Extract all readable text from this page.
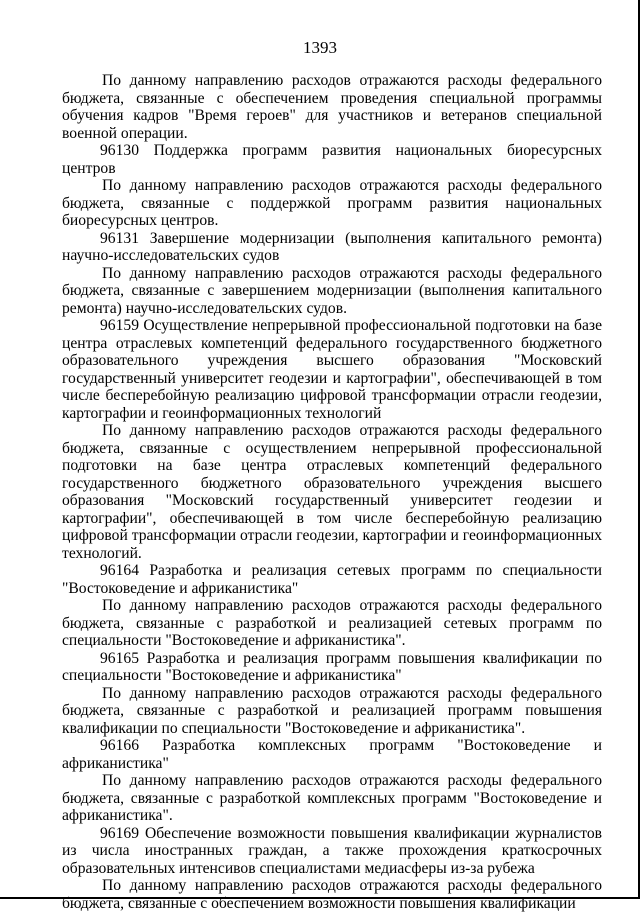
1393

По данному направлению расходов отражаются расходы федерального бюджета, связанные с обеспечением проведения специальной программы обучения кадров "Время героев" для участников и ветеранов специальной военной операции.

96130 Поддержка программ развития национальных биоресурсных центров

По данному направлению расходов отражаются расходы федерального бюджета, связанные с поддержкой программ развития национальных биоресурсных центров.

96131 Завершение модернизации (выполнения капитального ремонта) научно-исследовательских судов

По данному направлению расходов отражаются расходы федерального бюджета, связанные с завершением модернизации (выполнения капитального ремонта) научно-исследовательских судов.

96159 Осуществление непрерывной профессиональной подготовки на базе центра отраслевых компетенций федерального государственного бюджетного образовательного учреждения высшего образования "Московский государственный университет геодезии и картографии", обеспечивающей в том числе бесперебойную реализацию цифровой трансформации отрасли геодезии, картографии и геоинформационных технологий

По данному направлению расходов отражаются расходы федерального бюджета, связанные с осуществлением непрерывной профессиональной подготовки на базе центра отраслевых компетенций федерального государственного бюджетного образовательного учреждения высшего образования "Московский государственный университет геодезии и картографии", обеспечивающей в том числе бесперебойную реализацию цифровой трансформации отрасли геодезии, картографии и геоинформационных технологий.

96164 Разработка и реализация сетевых программ по специальности "Востоковедение и африканистика"

По данному направлению расходов отражаются расходы федерального бюджета, связанные с разработкой и реализацией сетевых программ по специальности "Востоковедение и африканистика".

96165 Разработка и реализация программ повышения квалификации по специальности "Востоковедение и африканистика"

По данному направлению расходов отражаются расходы федерального бюджета, связанные с разработкой и реализацией программ повышения квалификации по специальности "Востоковедение и африканистика".

96166 Разработка комплексных программ "Востоковедение и африканистика"

По данному направлению расходов отражаются расходы федерального бюджета, связанные с разработкой комплексных программ "Востоковедение и африканистика".

96169 Обеспечение возможности повышения квалификации журналистов из числа иностранных граждан, а также прохождения краткосрочных образовательных интенсивов специалистами медиасферы из-за рубежа

По данному направлению расходов отражаются расходы федерального бюджета, связанные с обеспечением возможности повышения квалификации
